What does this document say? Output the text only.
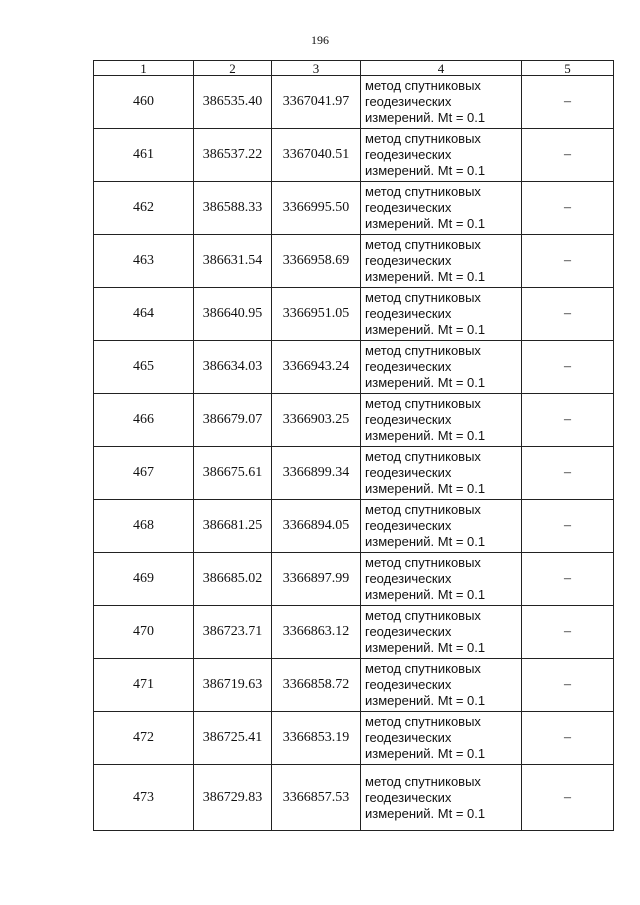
196
1	2	3	4	5
460	386535.40	3367041.97	метод спутниковых
геодезических
измерений. Mt = 0.1	–
461	386537.22	3367040.51	метод спутниковых
геодезических
измерений. Mt = 0.1	–
462	386588.33	3366995.50	метод спутниковых
геодезических
измерений. Mt = 0.1	–
463	386631.54	3366958.69	метод спутниковых
геодезических
измерений. Mt = 0.1	–
464	386640.95	3366951.05	метод спутниковых
геодезических
измерений. Mt = 0.1	–
465	386634.03	3366943.24	метод спутниковых
геодезических
измерений. Mt = 0.1	–
466	386679.07	3366903.25	метод спутниковых
геодезических
измерений. Mt = 0.1	–
467	386675.61	3366899.34	метод спутниковых
геодезических
измерений. Mt = 0.1	–
468	386681.25	3366894.05	метод спутниковых
геодезических
измерений. Mt = 0.1	–
469	386685.02	3366897.99	метод спутниковых
геодезических
измерений. Mt = 0.1	–
470	386723.71	3366863.12	метод спутниковых
геодезических
измерений. Mt = 0.1	–
471	386719.63	3366858.72	метод спутниковых
геодезических
измерений. Mt = 0.1	–
472	386725.41	3366853.19	метод спутниковых
геодезических
измерений. Mt = 0.1	–
473	386729.83	3366857.53	метод спутниковых
геодезических
измерений. Mt = 0.1	–
